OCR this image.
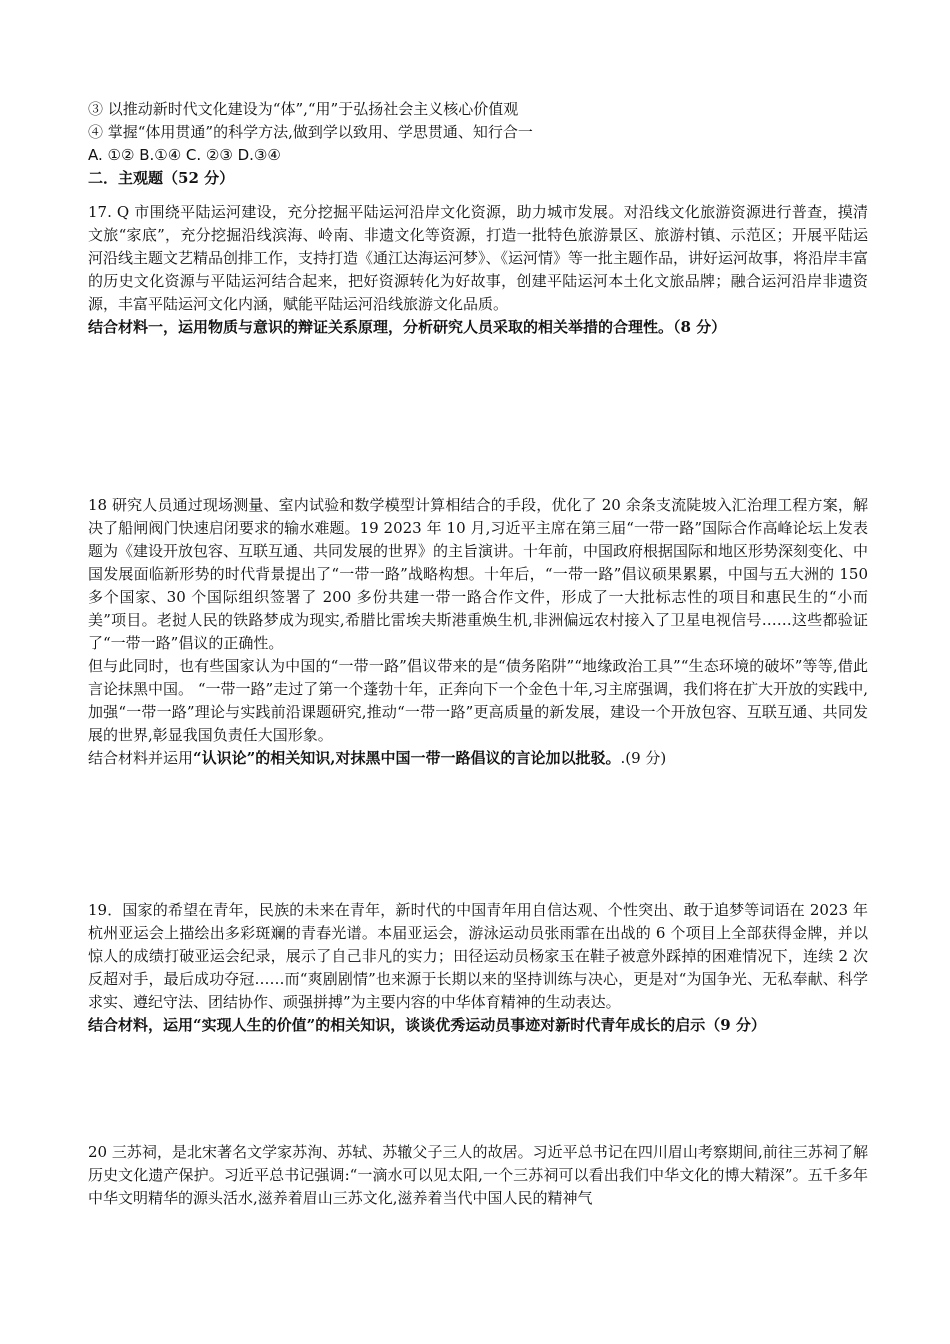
③ 以推动新时代文化建设为“体”,“用”于弘扬社会主义核心价值观

④ 掌握“体用贯通”的科学方法,做到学以致用、学思贯通、知行合一

A. ①② B.①④ C. ②③ D.③④

二．主观题（52 分）

17. Q 市围绕平陆运河建设，充分挖掘平陆运河沿岸文化资源，助力城市发展。对沿线文化旅游资源进行普查，摸清文旅“家底”，充分挖掘沿线滨海、岭南、非遗文化等资源，打造一批特色旅游景区、旅游村镇、示范区；开展平陆运河沿线主题文艺精品创排工作，支持打造《通江达海运河梦》、《运河情》等一批主题作品，讲好运河故事，将沿岸丰富的历史文化资源与平陆运河结合起来，把好资源转化为好故事，创建平陆运河本土化文旅品牌；融合运河沿岸非遗资源，丰富平陆运河文化内涵，赋能平陆运河沿线旅游文化品质。

结合材料一，运用物质与意识的辩证关系原理，分析研究人员采取的相关举措的合理性。（8 分）

18 研究人员通过现场测量、室内试验和数学模型计算相结合的手段，优化了 20 余条支流陡坡入汇治理工程方案，解决了船闸阀门快速启闭要求的输水难题。19 2023 年 10 月,习近平主席在第三届“一带一路”国际合作高峰论坛上发表题为《建设开放包容、互联互通、共同发展的世界》的主旨演讲。十年前，中国政府根据国际和地区形势深刻变化、中国发展面临新形势的时代背景提出了“一带一路”战略构想。十年后，“一带一路”倡议硕果累累，中国与五大洲的 150 多个国家、30 个国际组织签署了 200 多份共建一带一路合作文件，形成了一大批标志性的项目和惠民生的“小而美”项目。老挝人民的铁路梦成为现实,希腊比雷埃夫斯港重焕生机,非洲偏远农村接入了卫星电视信号……这些都验证了“一带一路”倡议的正确性。

但与此同时，也有些国家认为中国的“一带一路”倡议带来的是“债务陷阱”“地缘政治工具”“生态环境的破坏”等等,借此言论抹黑中国。 “一带一路”走过了第一个蓬勃十年，正奔向下一个金色十年,习主席强调，我们将在扩大开放的实践中,加强“一带一路”理论与实践前沿课题研究,推动“一带一路”更高质量的新发展，建设一个开放包容、互联互通、共同发展的世界,彰显我国负责任大国形象。

结合材料并运用“认识论”的相关知识,对抹黑中国一带一路倡议的言论加以批驳。.(9 分)

19．国家的希望在青年，民族的未来在青年，新时代的中国青年用自信达观、个性突出、敢于追梦等词语在 2023 年杭州亚运会上描绘出多彩斑斓的青春光谱。本届亚运会，游泳运动员张雨霏在出战的 6 个项目上全部获得金牌，并以惊人的成绩打破亚运会纪录，展示了自己非凡的实力；田径运动员杨家玉在鞋子被意外踩掉的困难情况下，连续 2 次反超对手，最后成功夺冠……而“爽剧剧情”也来源于长期以来的坚持训练与决心，更是对“为国争光、无私奉献、科学求实、遵纪守法、团结协作、顽强拼搏”为主要内容的中华体育精神的生动表达。

结合材料，运用“实现人生的价值”的相关知识，谈谈优秀运动员事迹对新时代青年成长的启示（9 分）

20 三苏祠，是北宋著名文学家苏洵、苏轼、苏辙父子三人的故居。习近平总书记在四川眉山考察期间,前往三苏祠了解历史文化遗产保护。习近平总书记强调:“一滴水可以见太阳,一个三苏祠可以看出我们中华文化的博大精深”。五千多年中华文明精华的源头活水,滋养着眉山三苏文化,滋养着当代中国人民的精神气
